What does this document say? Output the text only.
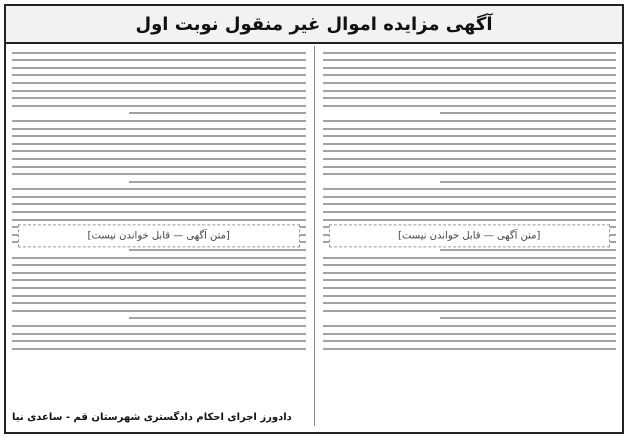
آگهی مزایده اموال غیر منقول نوبت اول
[متن آگهی — قابل خواندن نیست]
[متن آگهی — قابل خواندن نیست]
دادورز اجرای احکام دادگستری شهرستان قم - ساعدی نیا
